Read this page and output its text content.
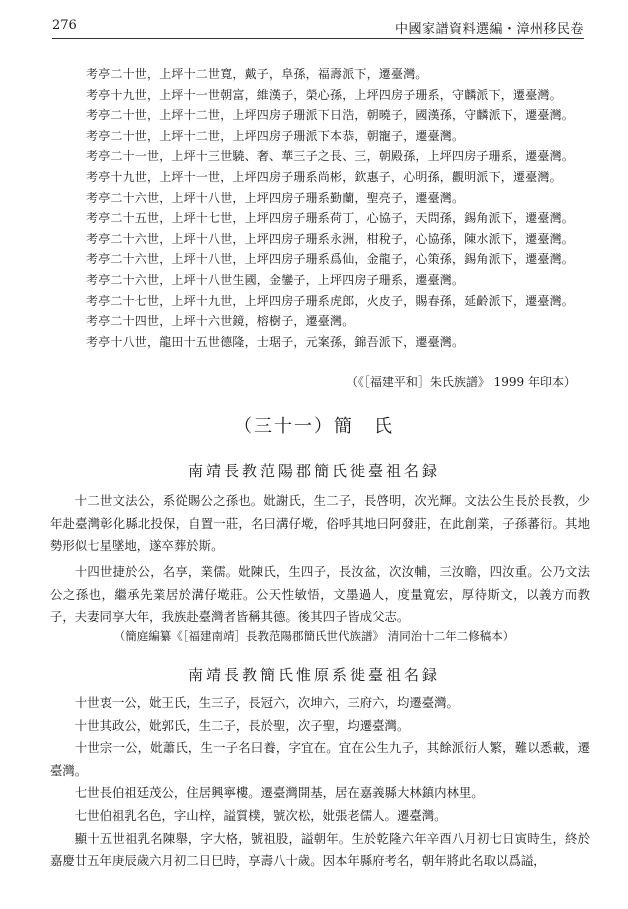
276	中國家譜資料選編・漳州移民卷
考亭二十世，上坪十二世寬，戴子，阜孫，福壽派下，遷臺灣。
考亭十九世，上坪十一世朝富，維漢子，榮心孫，上坪四房子珊系，守麟派下，遷臺灣。
考亭二十世，上坪十二世，上坪四房子珊派下日浩，朝曉子，國漢孫，守麟派下，遷臺灣。
考亭二十世，上坪十二世，上坪四房子珊派下本恭，朝寵子，遷臺灣。
考亭二十一世，上坪十三世驍、奢、華三子之長、三，朝殿孫，上坪四房子珊系，遷臺灣。
考亭十九世，上坪十一世，上坪四房子珊系尚彬，欽惠子，心明孫，觀明派下，遷臺灣。
考亭二十六世，上坪十八世，上坪四房子珊系勤蘭，聖亮子，遷臺灣。
考亭二十五世，上坪十七世，上坪四房子珊系荷丁，心協子，天問孫，錫角派下，遷臺灣。
考亭二十六世，上坪十八世，上坪四房子珊系永洲，柑稅子，心協孫，陳水派下，遷臺灣。
考亭二十六世，上坪十八世，上坪四房子珊系爲仙，金龍子，心策孫，錫角派下，遷臺灣。
考亭二十六世，上坪十八世生國，金鑾子，上坪四房子珊系，遷臺灣。
考亭二十七世，上坪十九世，上坪四房子珊系虎郎，火皮子，賜春孫，延齡派下，遷臺灣。
考亭二十四世，上坪十六世鏡，榕樹子，遷臺灣。
考亭十八世，龍田十五世德隆，士琚子，元案孫，錦吾派下，遷臺灣。
（《［福建平和］朱氏族譜》 1999 年印本）
（三十一）簡　氏
南靖長教范陽郡簡氏徙臺祖名録

十二世文法公，系從賜公之孫也。妣謝氏，生二子，長啓明，次光輝。文法公生長於長教，少年赴臺灣彰化縣北投保，自置一莊，名曰溝仔墘，俗呼其地曰阿發莊，在此創業，子孫蕃衍。其地勢形似七星墜地，遂卒葬於斯。

十四世捷於公，名享，業儒。妣陳氏，生四子，長汝盆，次汝輔，三汝瞻，四汝重。公乃文法公之孫也，繼承先業居於溝仔墘莊。公天性敏悟，文墨過人，度量寬宏，厚待斯文，以義方而教子，夫妻同享大年，我族赴臺灣者皆稱其德。後其四子皆成父志。

（簡庭編纂《［福建南靖］長教范陽郡簡氏世代族譜》 清同治十二年二修稿本）
南靖長教簡氏惟原系徙臺祖名録

十世衷一公，妣王氏，生三子，長冠六，次坤六，三府六，均遷臺灣。

十世其政公，妣郭氏，生二子，長於聖，次子聖，均遷臺灣。

十世宗一公，妣蕭氏，生一子名曰養，字宜在。宜在公生九子，其餘派衍人繁，難以悉載，遷臺灣。

七世長伯祖廷茂公，住居興寧樓。遷臺灣開基，居在嘉義縣大林鎮内林里。

七世伯祖乳名色，字山梓，謚質樸，號次松，妣張老儒人。遷臺灣。

顯十五世祖乳名陳舉，字大格，號祖股，謚朝年。生於乾隆六年辛酉八月初七日寅時生，終於嘉慶廿五年庚辰歲六月初二日巳時，享壽八十歲。因本年縣府考名，朝年將此名取以爲謚，
